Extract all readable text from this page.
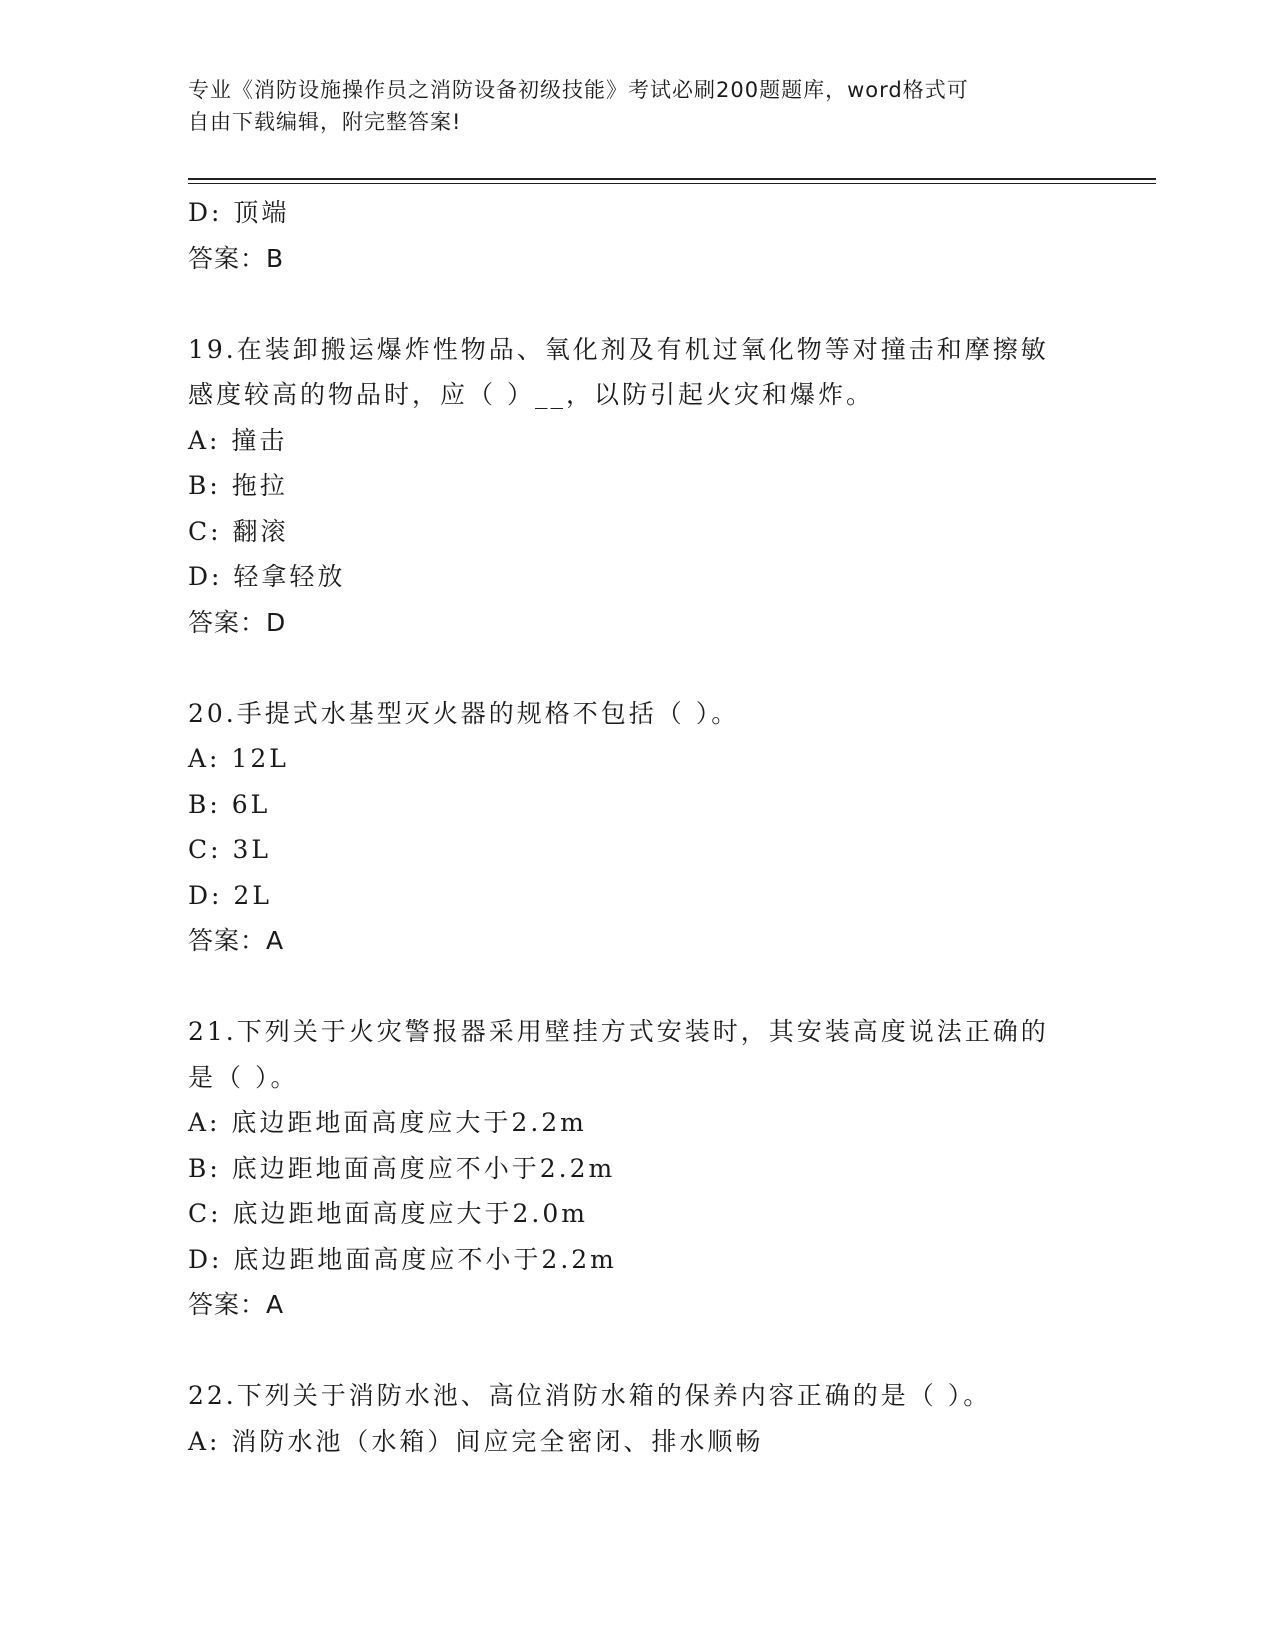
专业《消防设施操作员之消防设备初级技能》考试必刷200题题库，word格式可
自由下载编辑，附完整答案!
D: 顶端
答案：B
19.在装卸搬运爆炸性物品、氧化剂及有机过氧化物等对撞击和摩擦敏
感度较高的物品时，应（ ）__，以防引起火灾和爆炸。
A: 撞击
B: 拖拉
C: 翻滚
D: 轻拿轻放
答案：D
20.手提式水基型灭火器的规格不包括（ ）。
A: 12L
B: 6L
C: 3L
D: 2L
答案：A
21.下列关于火灾警报器采用壁挂方式安装时，其安装高度说法正确的
是（ ）。
A: 底边距地面高度应大于2.2m
B: 底边距地面高度应不小于2.2m
C: 底边距地面高度应大于2.0m
D: 底边距地面高度应不小于2.2m
答案：A
22.下列关于消防水池、高位消防水箱的保养内容正确的是（ ）。
A: 消防水池（水箱）间应完全密闭、排水顺畅
